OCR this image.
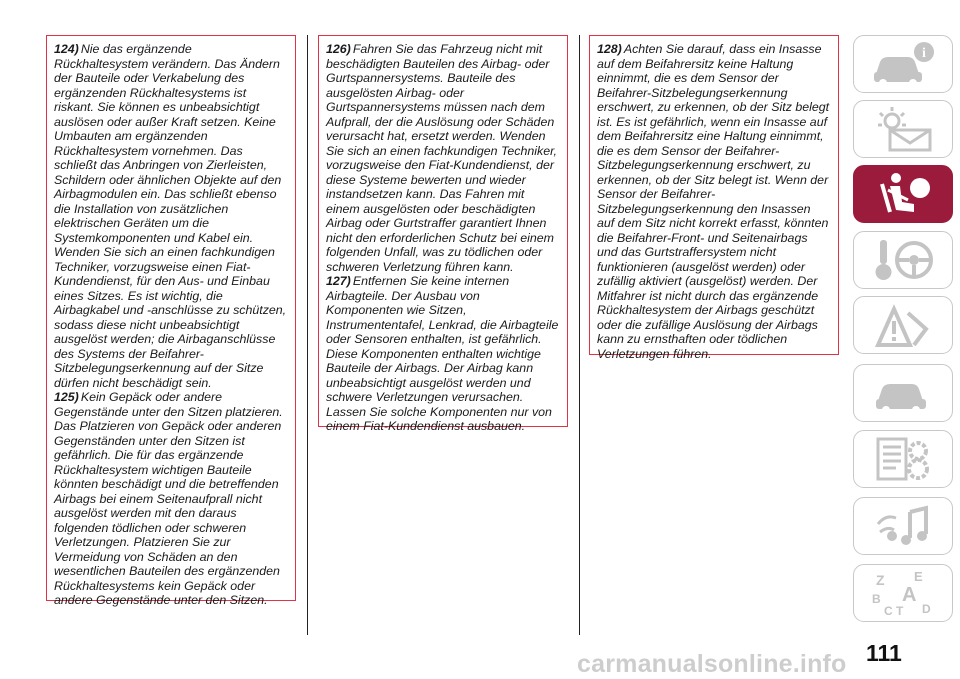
124) Nie das ergänzende Rückhaltesystem verändern. Das Ändern der Bauteile oder Verkabelung des ergänzenden Rückhaltesystems ist riskant. Sie können es unbeabsichtigt auslösen oder außer Kraft setzen. Keine Umbauten am ergänzenden Rückhaltesystem vornehmen. Das schließt das Anbringen von Zierleisten, Schildern oder ähnlichen Objekte auf den Airbagmodulen ein. Das schließt ebenso die Installation von zusätzlichen elektrischen Geräten um die Systemkomponenten und Kabel ein. Wenden Sie sich an einen fachkundigen Techniker, vorzugsweise einen Fiat-Kundendienst, für den Aus- und Einbau eines Sitzes. Es ist wichtig, die Airbagkabel und -anschlüsse zu schützen, sodass diese nicht unbeabsichtigt ausgelöst werden; die Airbaganschlüsse des Systems der Beifahrer-Sitzbelegungserkennung auf der Sitze dürfen nicht beschädigt sein.

125) Kein Gepäck oder andere Gegenstände unter den Sitzen platzieren. Das Platzieren von Gepäck oder anderen Gegenständen unter den Sitzen ist gefährlich. Die für das ergänzende Rückhaltesystem wichtigen Bauteile könnten beschädigt und die betreffenden Airbags bei einem Seitenaufprall nicht ausgelöst werden mit den daraus folgenden tödlichen oder schweren Verletzungen. Platzieren Sie zur Vermeidung von Schäden an den wesentlichen Bauteilen des ergänzenden Rückhaltesystems kein Gepäck oder andere Gegenstände unter den Sitzen.

126) Fahren Sie das Fahrzeug nicht mit beschädigten Bauteilen des Airbag- oder Gurtspannersystems. Bauteile des ausgelösten Airbag- oder Gurtspannersystems müssen nach dem Aufprall, der die Auslösung oder Schäden verursacht hat, ersetzt werden. Wenden Sie sich an einen fachkundigen Techniker, vorzugsweise den Fiat-Kundendienst, der diese Systeme bewerten und wieder instandsetzen kann. Das Fahren mit einem ausgelösten oder beschädigten Airbag oder Gurtstraffer garantiert Ihnen nicht den erforderlichen Schutz bei einem folgenden Unfall, was zu tödlichen oder schweren Verletzung führen kann.

127) Entfernen Sie keine internen Airbagteile. Der Ausbau von Komponenten wie Sitzen, Instrumententafel, Lenkrad, die Airbagteile oder Sensoren enthalten, ist gefährlich. Diese Komponenten enthalten wichtige Bauteile der Airbags. Der Airbag kann unbeabsichtigt ausgelöst werden und schwere Verletzungen verursachen. Lassen Sie solche Komponenten nur von einem Fiat-Kundendienst ausbauen.

128) Achten Sie darauf, dass ein Insasse auf dem Beifahrersitz keine Haltung einnimmt, die es dem Sensor der Beifahrer-Sitzbelegungserkennung erschwert, zu erkennen, ob der Sitz belegt ist. Es ist gefährlich, wenn ein Insasse auf dem Beifahrersitz eine Haltung einnimmt, die es dem Sensor der Beifahrer-Sitzbelegungserkennung erschwert, zu erkennen, ob der Sitz belegt ist. Wenn der Sensor der Beifahrer-Sitzbelegungserkennung den Insassen auf dem Sitz nicht korrekt erfasst, könnten die Beifahrer-Front- und Seitenairbags und das Gurtstraffersystem nicht funktionieren (ausgelöst werden) oder zufällig aktiviert (ausgelöst) werden. Der Mitfahrer ist nicht durch das ergänzende Rückhaltesystem der Airbags geschützt oder die zufällige Auslösung der Airbags kann zu ernsthaften oder tödlichen Verletzungen führen.

i
Z E
B A
C T D
111
carmanualsonline.info
